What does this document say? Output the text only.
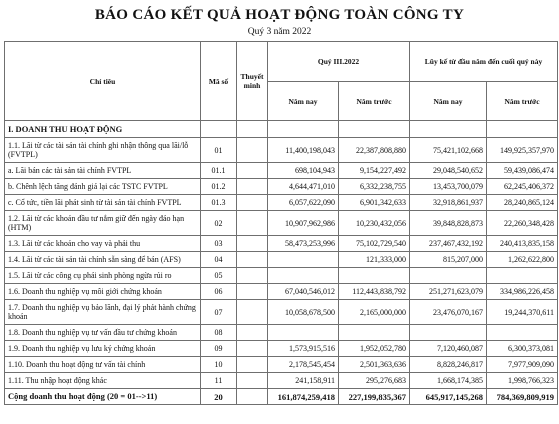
BÁO CÁO KẾT QUẢ HOẠT ĐỘNG TOÀN CÔNG TY
Quý 3 năm 2022
Chỉ tiêu	Mã số	Thuyết minh	Quý III.2022		Lũy kế từ đầu năm đến cuối quý này	
			Năm nay	Năm trước	Năm nay	Năm trước
I. DOANH THU HOẠT ĐỘNG						
1.1. Lãi từ các tài sản tài chính ghi nhận thông qua lãi/lỗ (FVTPL)	01		11,400,198,043	22,387,808,880	75,421,102,668	149,925,357,970
a. Lãi bán các tài sản tài chính FVTPL	01.1		698,104,943	9,154,227,492	29,048,540,652	59,439,086,474
b. Chênh lệch tăng đánh giá lại các TSTC FVTPL	01.2		4,644,471,010	6,332,238,755	13,453,700,079	62,245,406,372
c. Cổ tức, tiền lãi phát sinh từ tài sản tài chính FVTPL	01.3		6,057,622,090	6,901,342,633	32,918,861,937	28,240,865,124
1.2. Lãi từ các khoản đầu tư nắm giữ đến ngày đáo hạn (HTM)	02		10,907,962,986	10,230,432,056	39,848,828,873	22,260,348,428
1.3. Lãi từ các khoản cho vay và phải thu	03		58,473,253,996	75,102,729,540	237,467,432,192	240,413,835,158
1.4. Lãi từ các tài sản tài chính sẵn sàng để bán (AFS)	04			121,333,000	815,207,000	1,262,622,800
1.5. Lãi từ các công cụ phái sinh phòng ngừa rủi ro	05					
1.6. Doanh thu nghiệp vụ môi giới chứng khoán	06		67,040,546,012	112,443,838,792	251,271,623,079	334,986,226,458
1.7. Doanh thu nghiệp vụ bảo lãnh, đại lý phát hành chứng khoán	07		10,058,678,500	2,165,000,000	23,476,070,167	19,244,370,611
1.8. Doanh thu nghiệp vụ tư vấn đầu tư chứng khoán	08					
1.9. Doanh thu nghiệp vụ lưu ký chứng khoán	09		1,573,915,516	1,952,052,780	7,120,460,087	6,300,373,081
1.10. Doanh thu hoạt động tư vấn tài chính	10		2,178,545,454	2,501,363,636	8,828,246,817	7,977,909,090
1.11. Thu nhập hoạt động khác	11		241,158,911	295,276,683	1,668,174,385	1,998,766,323
Cộng doanh thu hoạt động (20 = 01-->11)	20		161,874,259,418	227,199,835,367	645,917,145,268	784,369,809,919
